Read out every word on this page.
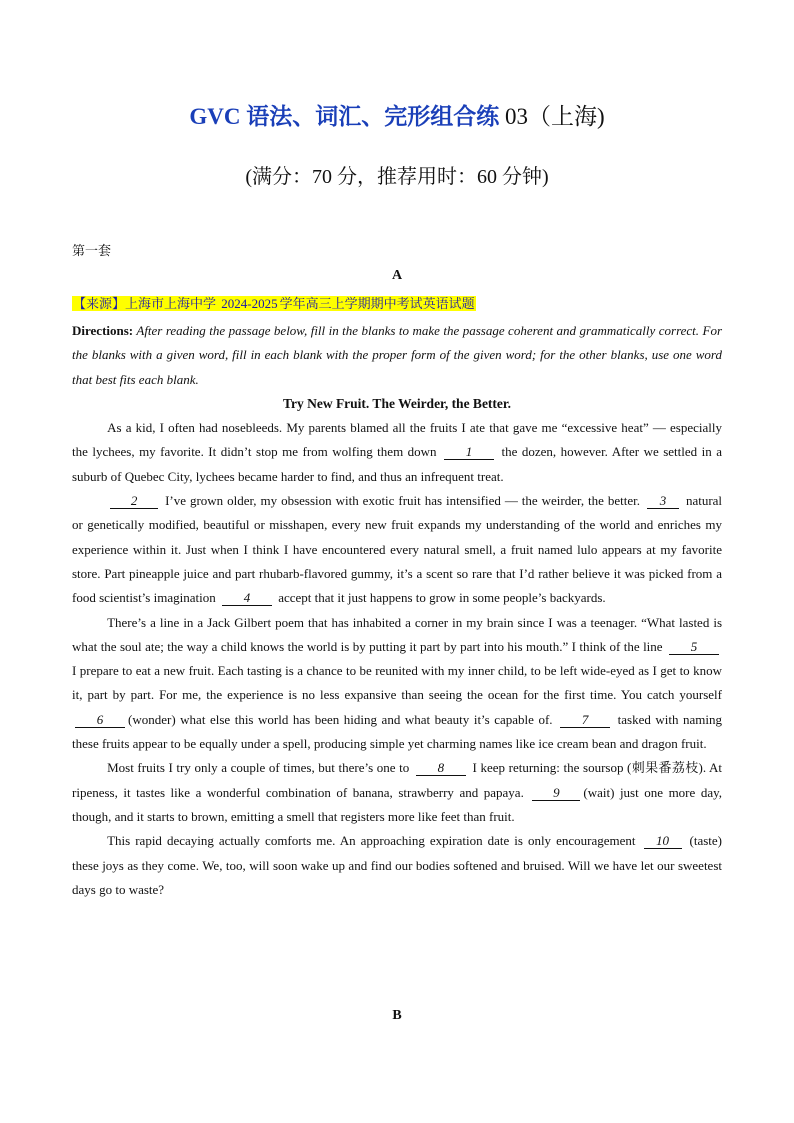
GVC 语法、词汇、完形组合练 03（上海)
(满分：70 分，推荐用时：60 分钟)
第一套
A
【来源】上海市上海中学 2024-2025 学年高三上学期期中考试英语试题

Directions: After reading the passage below, fill in the blanks to make the passage coherent and grammatically correct. For the blanks with a given word, fill in each blank with the proper form of the given word; for the other blanks, use one word that best fits each blank.

Try New Fruit. The Weirder, the Better.

As a kid, I often had nosebleeds. My parents blamed all the fruits I ate that gave me “excessive heat” — especially the lychees, my favorite. It didn’t stop me from wolfing them down 1 the dozen, however. After we settled in a suburb of Quebec City, lychees became harder to find, and thus an infrequent treat.

2 I’ve grown older, my obsession with exotic fruit has intensified — the weirder, the better. 3 natural or genetically modified, beautiful or misshapen, every new fruit expands my understanding of the world and enriches my experience within it. Just when I think I have encountered every natural smell, a fruit named lulo appears at my favorite store. Part pineapple juice and part rhubarb-flavored gummy, it’s a scent so rare that I’d rather believe it was picked from a food scientist’s imagination 4 accept that it just happens to grow in some people’s backyards.

There’s a line in a Jack Gilbert poem that has inhabited a corner in my brain since I was a teenager. “What lasted is what the soul ate; the way a child knows the world is by putting it part by part into his mouth.” I think of the line 5 I prepare to eat a new fruit. Each tasting is a chance to be reunited with my inner child, to be left wide-eyed as I get to know it, part by part. For me, the experience is no less expansive than seeing the ocean for the first time. You catch yourself 6 (wonder) what else this world has been hiding and what beauty it’s capable of. 7 tasked with naming these fruits appear to be equally under a spell, producing simple yet charming names like ice cream bean and dragon fruit.

Most fruits I try only a couple of times, but there’s one to 8 I keep returning: the soursop (刺果番荔枝). At ripeness, it tastes like a wonderful combination of banana, strawberry and papaya. 9 (wait) just one more day, though, and it starts to brown, emitting a smell that registers more like feet than fruit.

This rapid decaying actually comforts me. An approaching expiration date is only encouragement 10 (taste) these joys as they come. We, too, will soon wake up and find our bodies softened and bruised. Will we have let our sweetest days go to waste?

B
